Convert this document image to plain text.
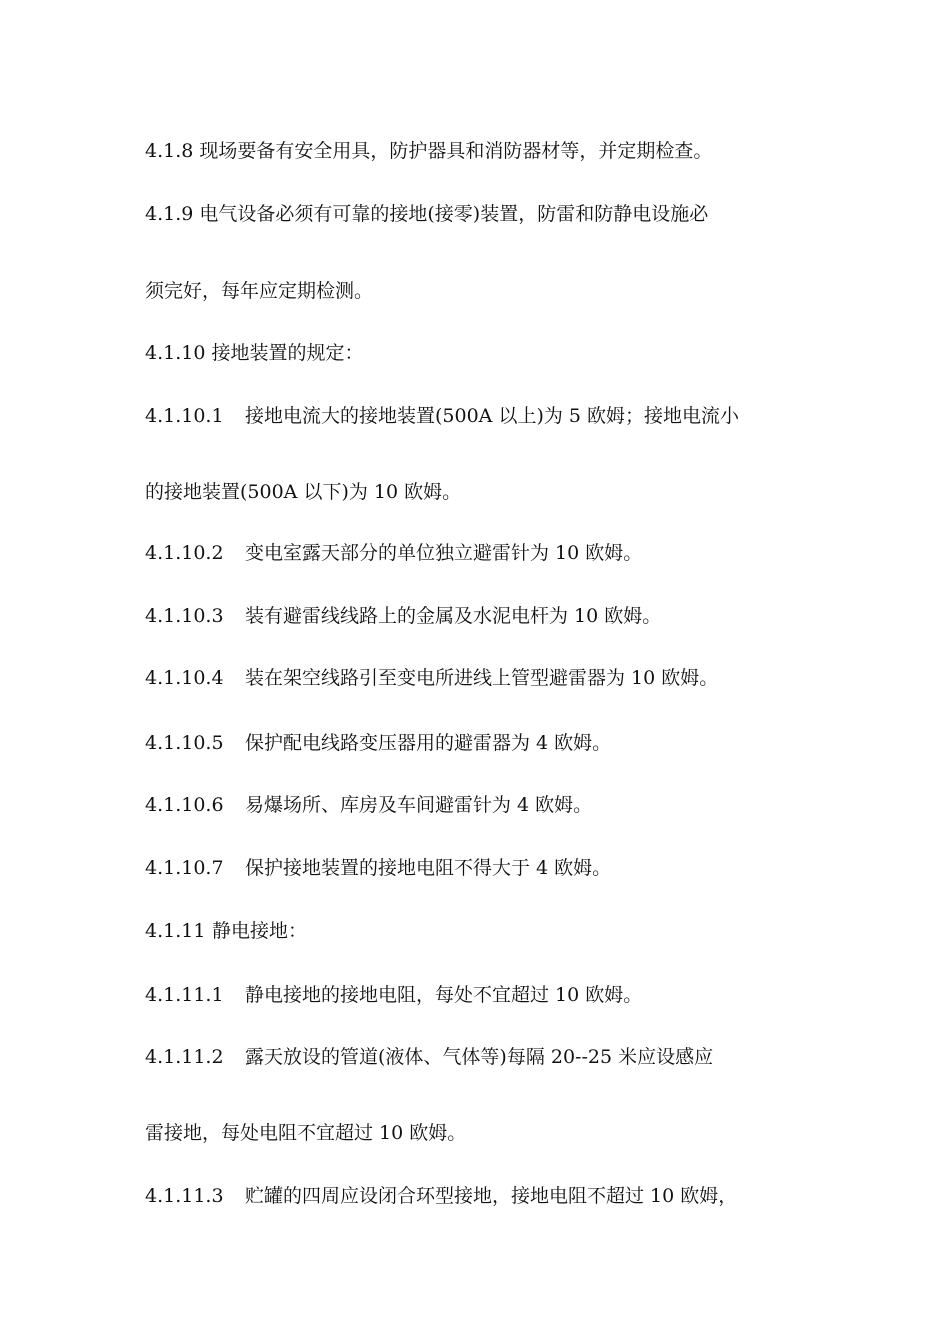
4.1.8 现场要备有安全用具，防护器具和消防器材等，并定期检查。
4.1.9 电气设备必须有可靠的接地(接零)装置，防雷和防静电设施必
须完好，每年应定期检测。
4.1.10 接地装置的规定：
4.1.10.1 接地电流大的接地装置(500A 以上)为 5 欧姆；接地电流小
的接地装置(500A 以下)为 10 欧姆。
4.1.10.2 变电室露天部分的单位独立避雷针为 10 欧姆。
4.1.10.3 装有避雷线线路上的金属及水泥电杆为 10 欧姆。
4.1.10.4 装在架空线路引至变电所进线上管型避雷器为 10 欧姆。
4.1.10.5 保护配电线路变压器用的避雷器为 4 欧姆。
4.1.10.6 易爆场所、库房及车间避雷针为 4 欧姆。
4.1.10.7 保护接地装置的接地电阻不得大于 4 欧姆。
4.1.11 静电接地：
4.1.11.1 静电接地的接地电阻，每处不宜超过 10 欧姆。
4.1.11.2 露天放设的管道(液体、气体等)每隔 20--25 米应设感应
雷接地，每处电阻不宜超过 10 欧姆。
4.1.11.3 贮罐的四周应设闭合环型接地，接地电阻不超过 10 欧姆，
